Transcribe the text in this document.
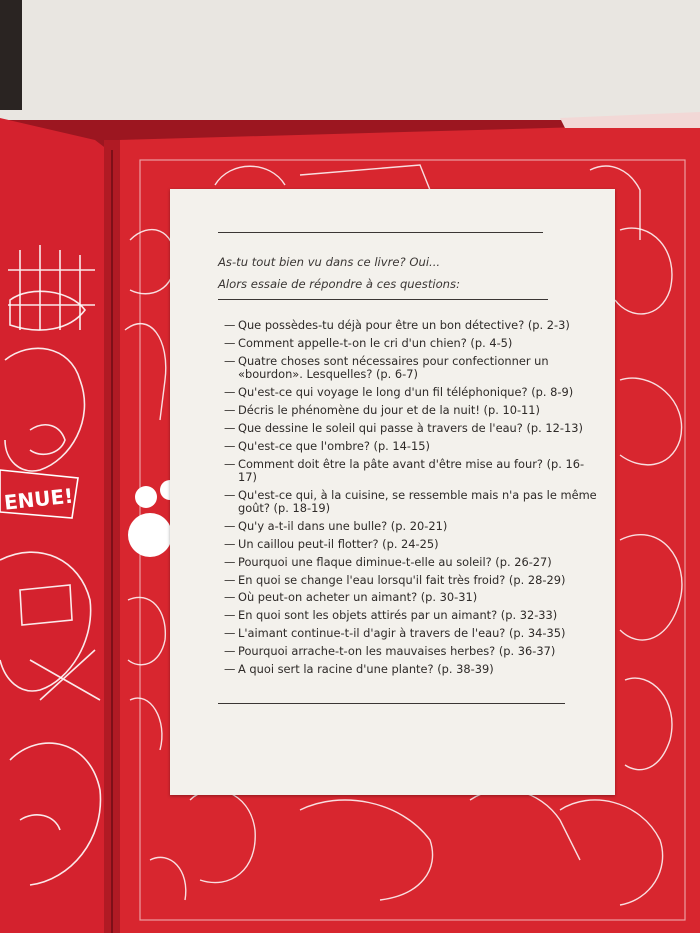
ENUE!
As-tu tout bien vu dans ce livre? Oui...
Alors essaie de répondre à ces questions:
— Que possèdes-tu déjà pour être un bon détective? (p. 2-3)
— Comment appelle-t-on le cri d'un chien? (p. 4-5)
— Quatre choses sont nécessaires pour confectionner un «bourdon». Lesquelles? (p. 6-7)
— Qu'est-ce qui voyage le long d'un fil téléphonique? (p. 8-9)
— Décris le phénomène du jour et de la nuit! (p. 10-11)
— Que dessine le soleil qui passe à travers de l'eau? (p. 12-13)
— Qu'est-ce que l'ombre? (p. 14-15)
— Comment doit être la pâte avant d'être mise au four? (p. 16-17)
— Qu'est-ce qui, à la cuisine, se ressemble mais n'a pas le même goût? (p. 18-19)
— Qu'y a-t-il dans une bulle? (p. 20-21)
— Un caillou peut-il flotter? (p. 24-25)
— Pourquoi une flaque diminue-t-elle au soleil? (p. 26-27)
— En quoi se change l'eau lorsqu'il fait très froid? (p. 28-29)
— Où peut-on acheter un aimant? (p. 30-31)
— En quoi sont les objets attirés par un aimant? (p. 32-33)
— L'aimant continue-t-il d'agir à travers de l'eau? (p. 34-35)
— Pourquoi arrache-t-on les mauvaises herbes? (p. 36-37)
— A quoi sert la racine d'une plante? (p. 38-39)
